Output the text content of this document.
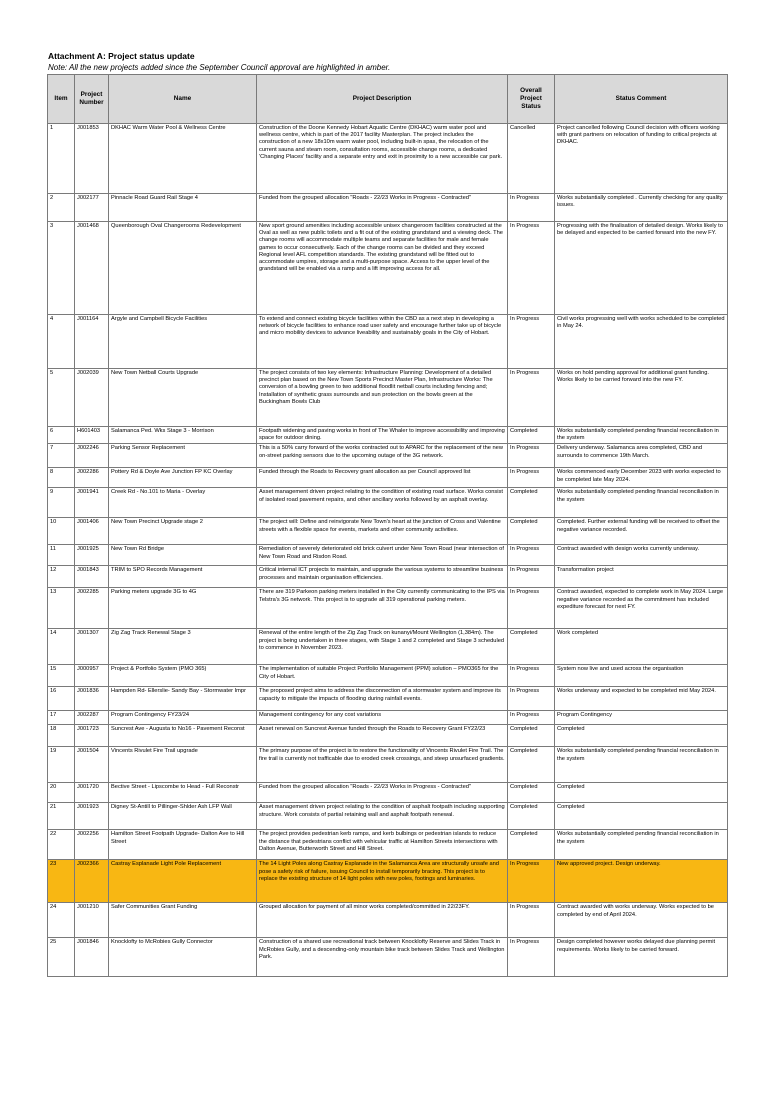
Attachment A: Project status update
Note: All the new projects added since the September Council approval are highlighted in amber.
Item	Project Number	Name	Project Description	Overall Project Status	Status Comment
1	J001853	DKHAC Warm Water Pool & Wellness Centre	Construction of the Doone Kennedy Hobart Aquatic Centre (DKHAC) warm water pool and wellness centre, which is part of the 2017 facility Masterplan. The project includes the construction of a new 18x10m warm water pool, including built-in spas, the relocation of the current sauna and steam room, consultation rooms, accessible change rooms, a dedicated 'Changing Places' facility and a separate entry and exit in proximity to a new accessible car park.	Cancelled	Project cancelled following Council decision with officers working with grant partners on relocation of funding to critical projects at DKHAC.
2	J002177	Pinnacle Road Guard Rail Stage 4	Funded from the grouped allocation "Roads - 22/23 Works in Progress - Contracted"	In Progress	Works substantially completed . Currently checking for any quality issues.
3	J001468	Queenborough Oval Changerooms Redevelopment	New sport ground amenities including accessible unisex changeroom facilities constructed at the Oval as well as new public toilets and a fit out of the existing grandstand and a viewing deck. The change rooms will accommodate multiple teams and separate facilities for male and female games to occur consecutively. Each of the change rooms can be divided and they exceed Regional level AFL competition standards. The existing grandstand will be fitted out to accommodate umpires, storage and a multi-purpose space. Access to the upper level of the grandstand will be enabled via a ramp and a lift improving access for all.	In Progress	Progressing with the finalisation of detailed design. Works likely to be delayed and expected to be carried forward into the new FY.
4	J001164	Argyle and Campbell Bicycle Facilities	To extend and connect existing bicycle facilities within the CBD as a next step in developing a network of bicycle facilities to enhance road user safety and encourage further take up of bicycle and micro mobility devices to advance liveability and sustainably goals in the City of Hobart.	In Progress	Civil works progressing well with works scheduled to be completed in May 24.
5	J002039	New Town Netball Courts Upgrade	The project consists of two key elements: Infrastructure Planning: Development of a detailed precinct plan based on the New Town Sports Precinct Master Plan, Infrastructure Works: The conversion of a bowling green to two additional floodlit netball courts including fencing and; Installation of synthetic grass surrounds and sun protection on the bowls green at the Buckingham Bowls Club	In Progress	Works on hold pending approval for additional grant funding. Works likely to be carried forward into the new FY.
6	H601403	Salamanca Ped. Wks Stage 3 - Morrison	Footpath widening and paving works in front of The Whaler to improve accessibility and improving space for outdoor dining.	Completed	Works substantially completed pending financial reconciliation in the system
7	J002246	Parking Sensor Replacement	This is a 50% carry forward of the works contracted out to APARC for the replacement of the new on-street parking sensors due to the upcoming outage of the 3G network.	In Progress	Delivery underway. Salamanca area completed, CBD and surrounds to commence 19th March.
8	J002286	Pottery Rd & Doyle Ave Junction FP KC Overlay	Funded through the Roads to Recovery grant allocation as per Council approved list	In Progress	Works commenced early December 2023 with works expected to be completed late May 2024.
9	J001941	Creek Rd - No.101 to Maria - Overlay	Asset management driven project relating to the condition of existing road surface. Works consist of isolated road pavement repairs, and other ancillary works followed by an asphalt overlay.	Completed	Works substantially completed pending financial reconciliation in the system
10	J001406	New Town Precinct Upgrade stage 2	The project will: Define and reinvigorate New Town's heart at the junction of Cross and Valentine streets with a flexible space for events, markets and other community activities.	Completed	Completed. Further external funding will be received to offset the negative variance recorded.
11	J001925	New Town Rd Bridge	Remediation of severely deteriorated old brick culvert under New Town Road (near intersection of New Town Road and Risdon Road.	In Progress	Contract awarded with design works currently underway.
12	J001843	TRIM to SPO Records Management	Critical internal ICT projects to maintain, and upgrade the various systems to streamline business processes and maintain organisation efficiencies.	In Progress	Transformation project
13	J002285	Parking meters upgrade 3G to 4G	There are 319 Parkeon parking meters installed in the City currently communicating to the IPS via Telstra's 3G network. This project is to upgrade all 319 operational parking meters.	In Progress	Contract awarded, expected to complete work in May 2024. Large negative variance recorded as the commitment has included expediture forecast for next FY.
14	J001307	Zig Zag Track Renewal Stage 3	Renewal of the entire length of the Zig Zag Track on kunanyi/Mount Wellington (1,384m). The project is being undertaken in three stages, with Stage 1 and 2 completed and Stage 3 scheduled to commence in November 2023.	Completed	Work completed
15	J000957	Project & Portfolio System (PMO 365)	The implementation of suitable Project Portfolio Management (PPM) solution – PMO365 for the City of Hobart.	In Progress	System now live and used across the organisation
16	J001836	Hampden Rd- Ellerslie- Sandy Bay - Stormwater Impr	The proposed project aims to address the disconnection of a stormwater system and improve its capacity to mitigate the impacts of flooding during rainfall events.	In Progress	Works underway and expected to be completed mid May 2024.
17	J002287	Program Contingency FY23/24	Management contingency for any cost variations	In Progress	Program Contingency
18	J001723	Suncrest Ave - Augusta to No16 - Pavement Reconst	Asset renewal on Suncrest Avenue funded through the Roads to Recovery Grant FY22/23	Completed	Completed
19	J001504	Vincents Rivulet Fire Trail upgrade	The primary purpose of the project is to restore the functionality of Vincents Rivulet Fire Trail. The fire trail is currently not trafficable due to eroded creek crossings, and steep unsurfaced gradients.	Completed	Works substantially completed pending financial reconciliation in the system
20	J001720	Bective Street - Lipscombe to Head - Full Reconstr	Funded from the grouped allocation "Roads - 22/23 Works in Progress - Contracted"	Completed	Completed
21	J001923	Digney St-Antill to Pillinger-Shlder Ash LFP Wall	Asset management driven project relating to the condition of asphalt footpath including supporting structure. Work consists of partial retaining wall and asphalt footpath renewal.	Completed	Completed
22	J002256	Hamilton Street Footpath Upgrade- Dalton Ave to Hill Street	The project provides pedestrian kerb ramps, and kerb bulbings or pedestrian islands to reduce the distance that pedestrians conflict with vehicular traffic at Hamilton Streets intersections with Dalton Avenue, Butterworth Street and Hill Street.	Completed	Works substantially completed pending financial reconciliation in the system
23	J002366	Castray Esplanade Light Pole Replacement	The 14 Light Poles along Castray Esplanade in the Salamanca Area are structurally unsafe and pose a safety risk of failure, issuing Council to install temporarily bracing. This project is to replace the existing structure of 14 light poles with new poles, footings and luminaries.	In Progress	New approved project. Design underway.
24	J001210	Safer Communities Grant Funding	Grouped allocation for payment of all minor works completed/committed in 22/23FY.	In Progress	Contract awarded with works underway. Works expected to be completed by end of April 2024.
25	J001846	Knocklofty to McRobies Gully Connector	Construction of a shared use recreational track between Knocklofty Reserve and Slides Track in McRobies Gully, and a descending-only mountain bike track between Slides Track and Wellington Park.	In Progress	Design completed however works delayed due planning permit requirements. Works likely to be carried forward.
